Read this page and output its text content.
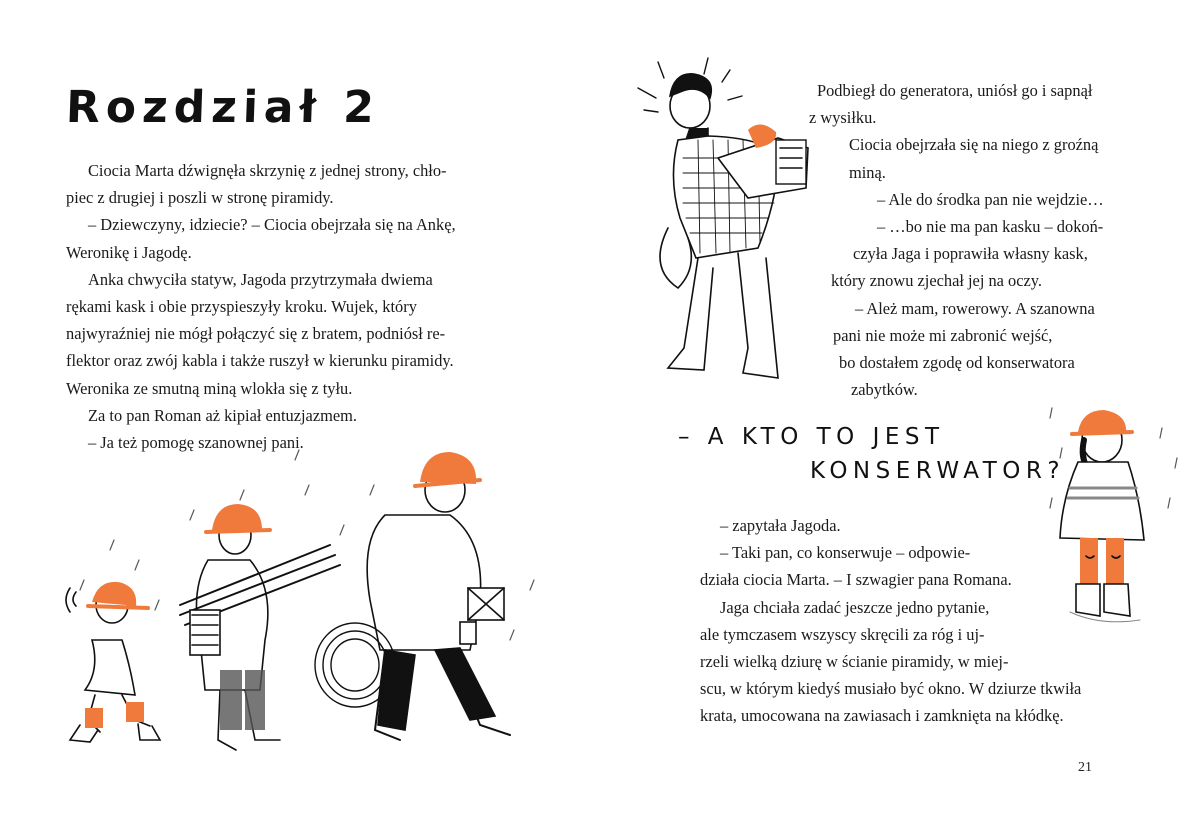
Rozdział 2
Ciocia Marta dźwignęła skrzynię z jednej strony, chło-
piec z drugiej i poszli w stronę piramidy.
– Dziewczyny, idziecie? – Ciocia obejrzała się na Ankę,
Weronikę i Jagodę.
Anka chwyciła statyw, Jagoda przytrzymała dwiema
rękami kask i obie przyspieszyły kroku. Wujek, który
najwyraźniej nie mógł połączyć się z bratem, podniósł re-
flektor oraz zwój kabla i także ruszył w kierunku piramidy.
Weronika ze smutną miną wlokła się z tyłu.
Za to pan Roman aż kipiał entuzjazmem.
– Ja też pomogę szanownej pani.
Podbiegł do generatora, uniósł go i sapnął
z wysiłku.
Ciocia obejrzała się na niego z groźną
miną.
– Ale do środka pan nie wejdzie…
– …bo nie ma pan kasku – dokoń-
czyła Jaga i poprawiła własny kask,
który znowu zjechał jej na oczy.
– Ależ mam, rowerowy. A szanowna
pani nie może mi zabronić wejść,
bo dostałem zgodę od konserwatora
zabytków.
– A KTO TO JEST
KONSERWATOR?
– zapytała Jagoda.
– Taki pan, co konserwuje – odpowie-
działa ciocia Marta. – I szwagier pana Romana.
Jaga chciała zadać jeszcze jedno pytanie,
ale tymczasem wszyscy skręcili za róg i uj-
rzeli wielką dziurę w ścianie piramidy, w miej-
scu, w którym kiedyś musiało być okno. W dziurze tkwiła
krata, umocowana na zawiasach i zamknięta na kłódkę.
21
